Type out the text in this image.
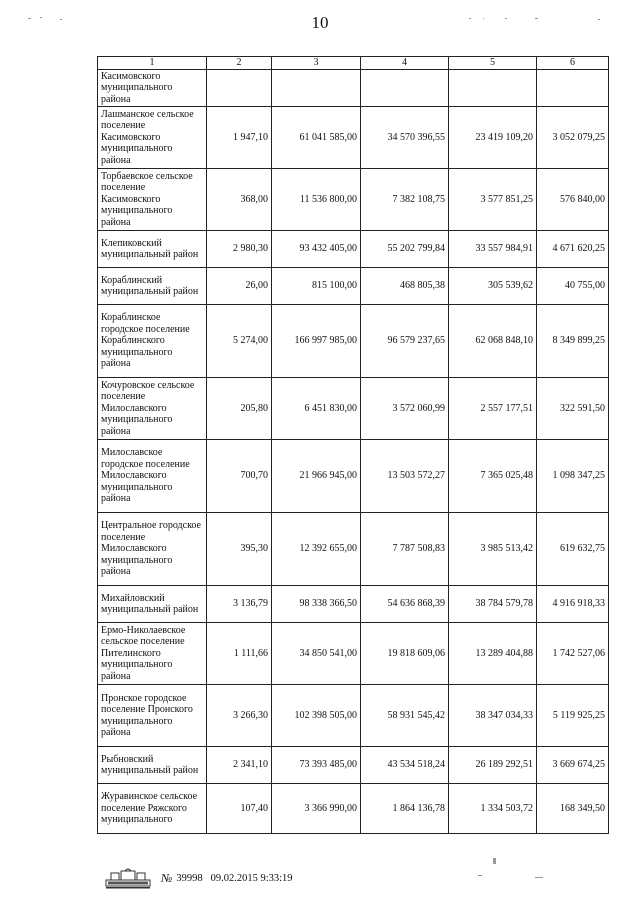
10
1	2	3	4	5	6
Касимовского муниципального района					
Лашманское сельское поселение Касимовского муниципального района	1 947,10	61 041 585,00	34 570 396,55	23 419 109,20	3 052 079,25
Торбаевское сельское поселение Касимовского муниципального района	368,00	11 536 800,00	7 382 108,75	3 577 851,25	576 840,00
Клепиковский муниципальный район	2 980,30	93 432 405,00	55 202 799,84	33 557 984,91	4 671 620,25
Кораблинский муниципальный район	26,00	815 100,00	468 805,38	305 539,62	40 755,00
Кораблинское городское поселение Кораблинского муниципального района	5 274,00	166 997 985,00	96 579 237,65	62 068 848,10	8 349 899,25
Кочуровское сельское поселение Милославского муниципального района	205,80	6 451 830,00	3 572 060,99	2 557 177,51	322 591,50
Милославское городское поселение Милославского муниципального района	700,70	21 966 945,00	13 503 572,27	7 365 025,48	1 098 347,25
Центральное городское поселение Милославского муниципального района	395,30	12 392 655,00	7 787 508,83	3 985 513,42	619 632,75
Михайловский муниципальный район	3 136,79	98 338 366,50	54 636 868,39	38 784 579,78	4 916 918,33
Ермо-Николаевское сельское поселение Пителинского муниципального района	1 111,66	34 850 541,00	19 818 609,06	13 289 404,88	1 742 527,06
Пронское городское поселение Пронского муниципального района	3 266,30	102 398 505,00	58 931 545,42	38 347 034,33	5 119 925,25
Рыбновский муниципальный район	2 341,10	73 393 485,00	43 534 518,24	26 189 292,51	3 669 674,25
Журавинское сельское поселение Ряжского муниципального	107,40	3 366 990,00	1 864 136,78	1 334 503,72	168 349,50
№ 39998 09.02.2015 9:33:19
